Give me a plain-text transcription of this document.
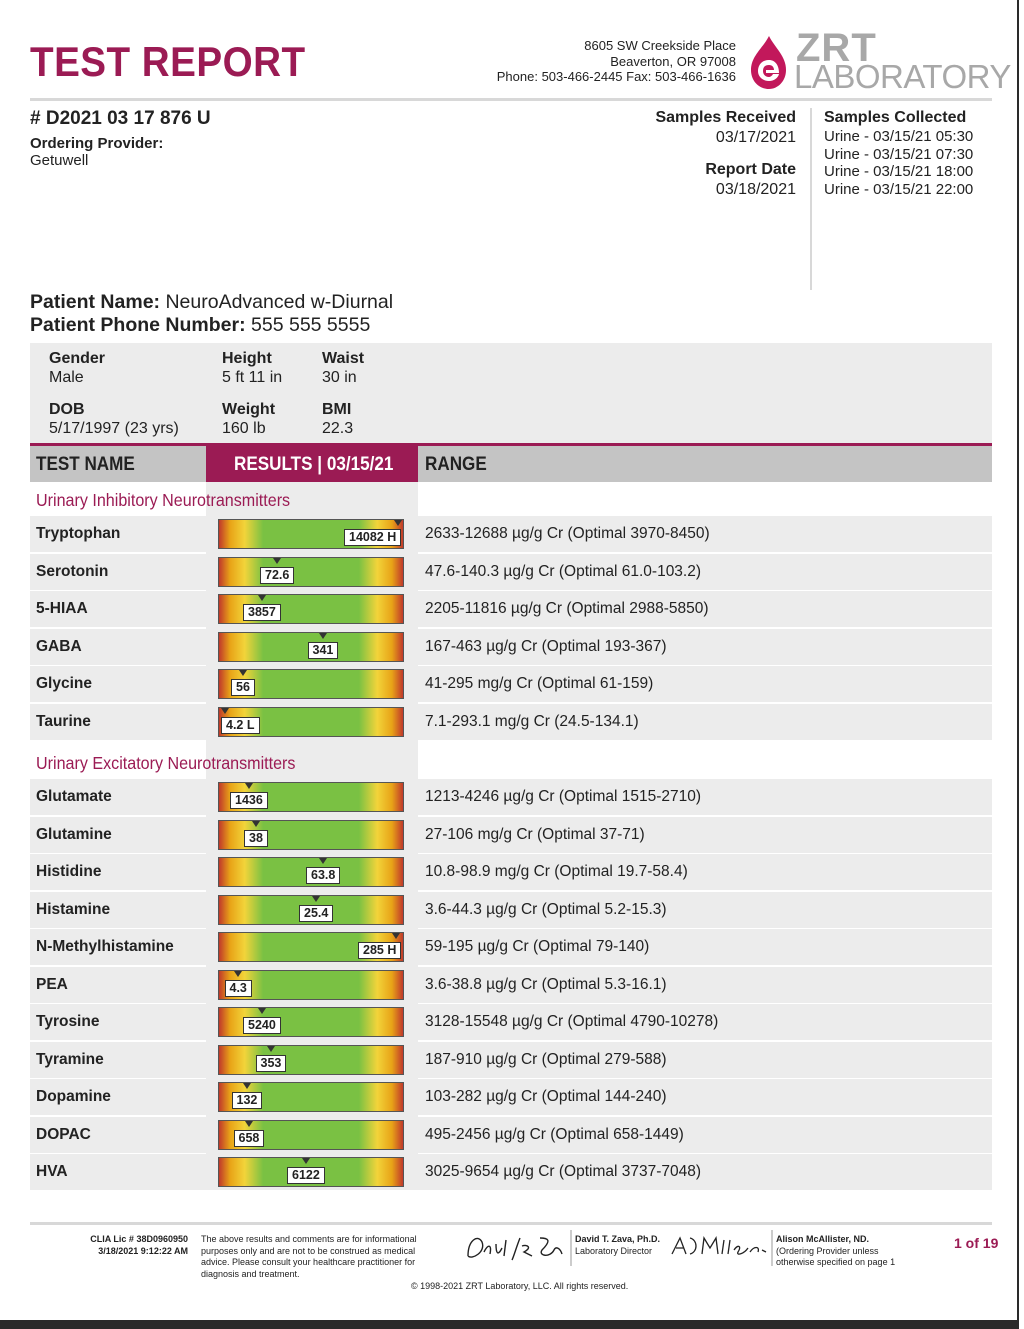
TEST REPORT	8605 SW Creekside Place
Beaverton, OR 97008
Phone: 503-466-2445 Fax: 503-466-1636
ZRT
LABORATORY
# D2021 03 17 876 U
Ordering Provider:
Getuwell
Samples Received
03/17/2021
Report Date
03/18/2021
Samples Collected
Urine - 03/15/21 05:30
Urine - 03/15/21 07:30
Urine - 03/15/21 18:00
Urine - 03/15/21 22:00
Patient Name: NeuroAdvanced w-Diurnal
Patient Phone Number: 555 555 5555
Gender
Male
Height
5 ft 11 in
Waist
30 in
DOB
5/17/1997 (23 yrs)
Weight
160 lb
BMI
22.3
TEST NAME	RESULTS | 03/15/21 RANGE
Urinary Inhibitory Neurotransmitters
Tryptophan	14082 H	2633-12688 µg/g Cr (Optimal 3970-8450)
Serotonin	72.6	47.6-140.3 µg/g Cr (Optimal 61.0-103.2)
5-HIAA	3857	2205-11816 µg/g Cr (Optimal 2988-5850)
GABA	341	167-463 µg/g Cr (Optimal 193-367)
Glycine	56	41-295 mg/g Cr (Optimal 61-159)
Taurine	4.2 L	7.1-293.1 mg/g Cr (24.5-134.1)
Urinary Excitatory Neurotransmitters
Glutamate	1436	1213-4246 µg/g Cr (Optimal 1515-2710)
Glutamine	38	27-106 mg/g Cr (Optimal 37-71)
Histidine	63.8	10.8-98.9 mg/g Cr (Optimal 19.7-58.4)
Histamine	25.4	3.6-44.3 µg/g Cr (Optimal 5.2-15.3)
N-Methylhistamine	285 H	59-195 µg/g Cr (Optimal 79-140)
PEA	4.3	3.6-38.8 µg/g Cr (Optimal 5.3-16.1)
Tyrosine	5240	3128-15548 µg/g Cr (Optimal 4790-10278)
Tyramine	353	187-910 µg/g Cr (Optimal 279-588)
Dopamine	132	103-282 µg/g Cr (Optimal 144-240)
DOPAC	658	495-2456 µg/g Cr (Optimal 658-1449)
HVA	6122	3025-9654 µg/g Cr (Optimal 3737-7048)
CLIA Lic # 38D0960950
3/18/2021 9:12:22 AM
The above results and comments are for informational
purposes only and are not to be construed as medical
advice. Please consult your healthcare practitioner for
diagnosis and treatment.
David T. Zava, Ph.D.
Laboratory Director
Alison McAllister, ND.
(Ordering Provider unless
otherwise specified on page 1
© 1998-2021 ZRT Laboratory, LLC. All rights reserved.
1 of 19
